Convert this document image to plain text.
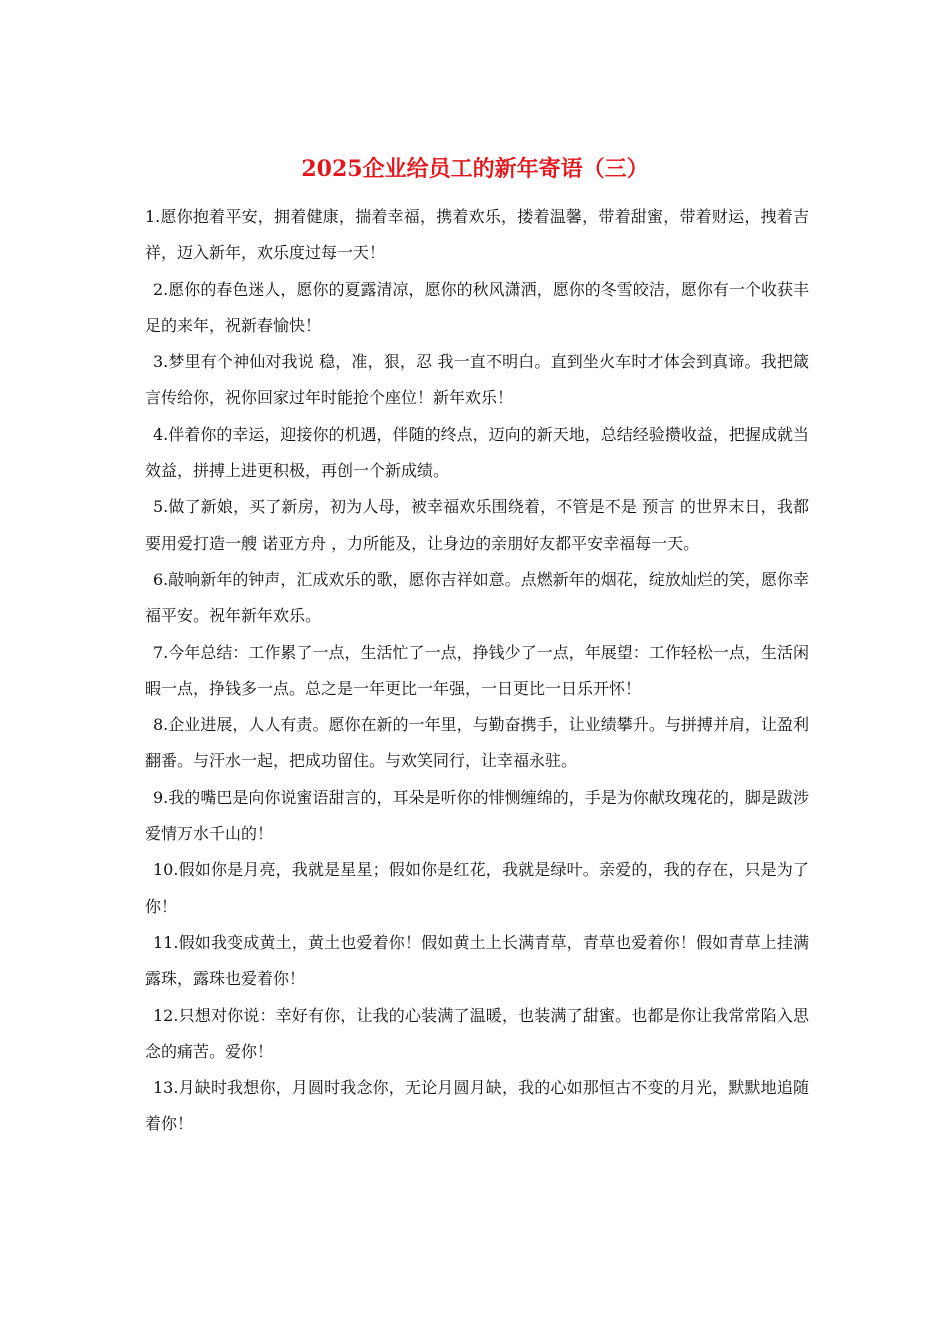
2025企业给员工的新年寄语（三）

1.愿你抱着平安，拥着健康，揣着幸福，携着欢乐，搂着温馨，带着甜蜜，带着财运，拽着吉祥，迈入新年，欢乐度过每一天！

2.愿你的春色迷人，愿你的夏露清凉，愿你的秋风潇洒，愿你的冬雪皎洁，愿你有一个收获丰足的来年，祝新春愉快！

3.梦里有个神仙对我说 稳，准，狠，忍 我一直不明白。直到坐火车时才体会到真谛。我把箴言传给你，祝你回家过年时能抢个座位！新年欢乐！

4.伴着你的幸运，迎接你的机遇，伴随的终点，迈向的新天地，总结经验攒收益，把握成就当效益，拼搏上进更积极，再创一个新成绩。

5.做了新娘，买了新房，初为人母，被幸福欢乐围绕着，不管是不是 预言 的世界末日，我都要用爱打造一艘 诺亚方舟 ，力所能及，让身边的亲朋好友都平安幸福每一天。

6.敲响新年的钟声，汇成欢乐的歌，愿你吉祥如意。点燃新年的烟花，绽放灿烂的笑，愿你幸福平安。祝年新年欢乐。

7.今年总结：工作累了一点，生活忙了一点，挣钱少了一点，年展望：工作轻松一点，生活闲暇一点，挣钱多一点。总之是一年更比一年强，一日更比一日乐开怀！

8.企业进展，人人有责。愿你在新的一年里，与勤奋携手，让业绩攀升。与拼搏并肩，让盈利翻番。与汗水一起，把成功留住。与欢笑同行，让幸福永驻。

9.我的嘴巴是向你说蜜语甜言的，耳朵是听你的悱恻缠绵的，手是为你献玫瑰花的，脚是跋涉爱情万水千山的！

10.假如你是月亮，我就是星星；假如你是红花，我就是绿叶。亲爱的，我的存在，只是为了你！

11.假如我变成黄土，黄土也爱着你！假如黄土上长满青草，青草也爱着你！假如青草上挂满露珠，露珠也爱着你！

12.只想对你说：幸好有你，让我的心装满了温暖，也装满了甜蜜。也都是你让我常常陷入思念的痛苦。爱你！

13.月缺时我想你，月圆时我念你，无论月圆月缺，我的心如那恒古不变的月光，默默地追随着你！
